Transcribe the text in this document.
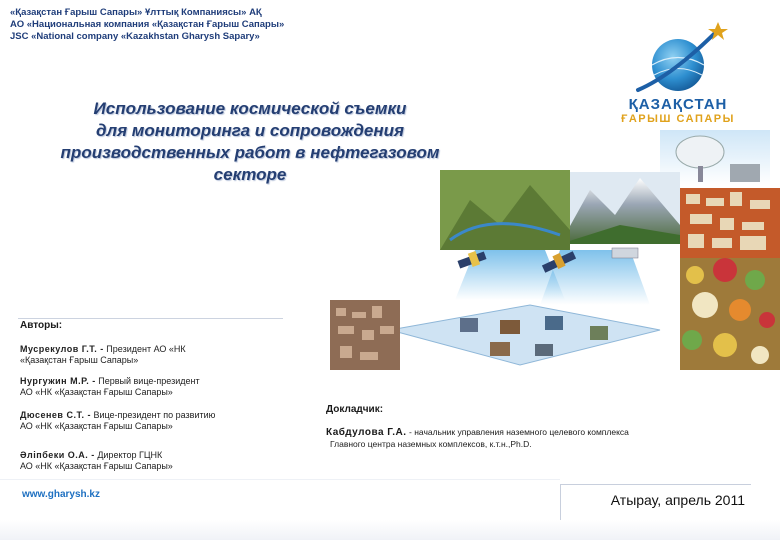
«Қазақстан Ғарыш Сапары» Ұлттық Компаниясы» АҚ
АО «Национальная компания «Қазақстан Ғарыш Сапары»
JSC «National company «Kazakhstan Gharysh Sapary»
Использование космической съемки
для мониторинга и сопровождения
производственных работ в нефтегазовом
секторе
ҚАЗАҚСТАН
ҒАРЫШ САПАРЫ
Авторы:
Мусрекулов Г.Т. - Президент АО «НК
«Қазақстан Ғарыш Сапары»
Нургужин М.Р. - Первый вице-президент
АО «НК «Қазақстан Ғарыш Сапары»
Дюсенев С.Т. - Вице-президент по развитию
АО «НК «Қазақстан Ғарыш Сапары»
Әліпбеки О.А. - Директор ГЦНК
АО «НК «Қазақстан Ғарыш Сапары»
Докладчик:
Кабдулова Г.А. - начальник управления наземного целевого комплекса
Главного центра наземных комплексов, к.т.н.,Ph.D.
www.gharysh.kz	Атырау, апрель 2011
